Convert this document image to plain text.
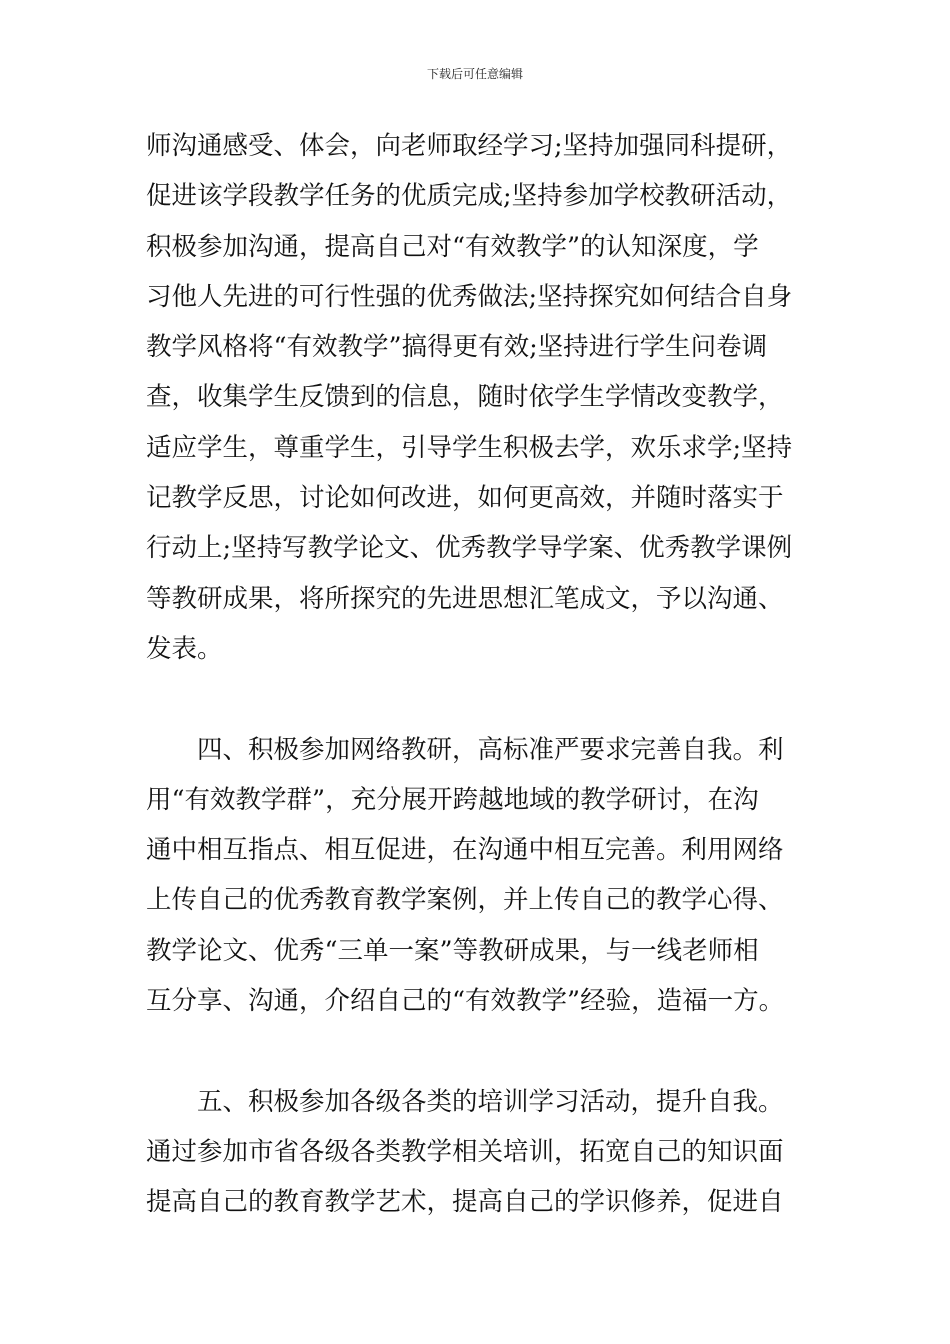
下载后可任意编辑
师沟通感受、体会，向老师取经学习;坚持加强同科提研，
促进该学段教学任务的优质完成;坚持参加学校教研活动，
积极参加沟通，提高自己对“有效教学”的认知深度，学
习他人先进的可行性强的优秀做法;坚持探究如何结合自身
教学风格将“有效教学”搞得更有效;坚持进行学生问卷调
查，收集学生反馈到的信息，随时依学生学情改变教学，
适应学生，尊重学生，引导学生积极去学，欢乐求学;坚持
记教学反思，讨论如何改进，如何更高效，并随时落实于
行动上;坚持写教学论文、优秀教学导学案、优秀教学课例
等教研成果，将所探究的先进思想汇笔成文，予以沟通、
发表。
四、积极参加网络教研，高标准严要求完善自我。利
用“有效教学群”，充分展开跨越地域的教学研讨，在沟
通中相互指点、相互促进，在沟通中相互完善。利用网络
上传自己的优秀教育教学案例，并上传自己的教学心得、
教学论文、优秀“三单一案”等教研成果，与一线老师相
互分享、沟通，介绍自己的“有效教学”经验，造福一方。
五、积极参加各级各类的培训学习活动，提升自我。
通过参加市省各级各类教学相关培训，拓宽自己的知识面
提高自己的教育教学艺术，提高自己的学识修养，促进自
